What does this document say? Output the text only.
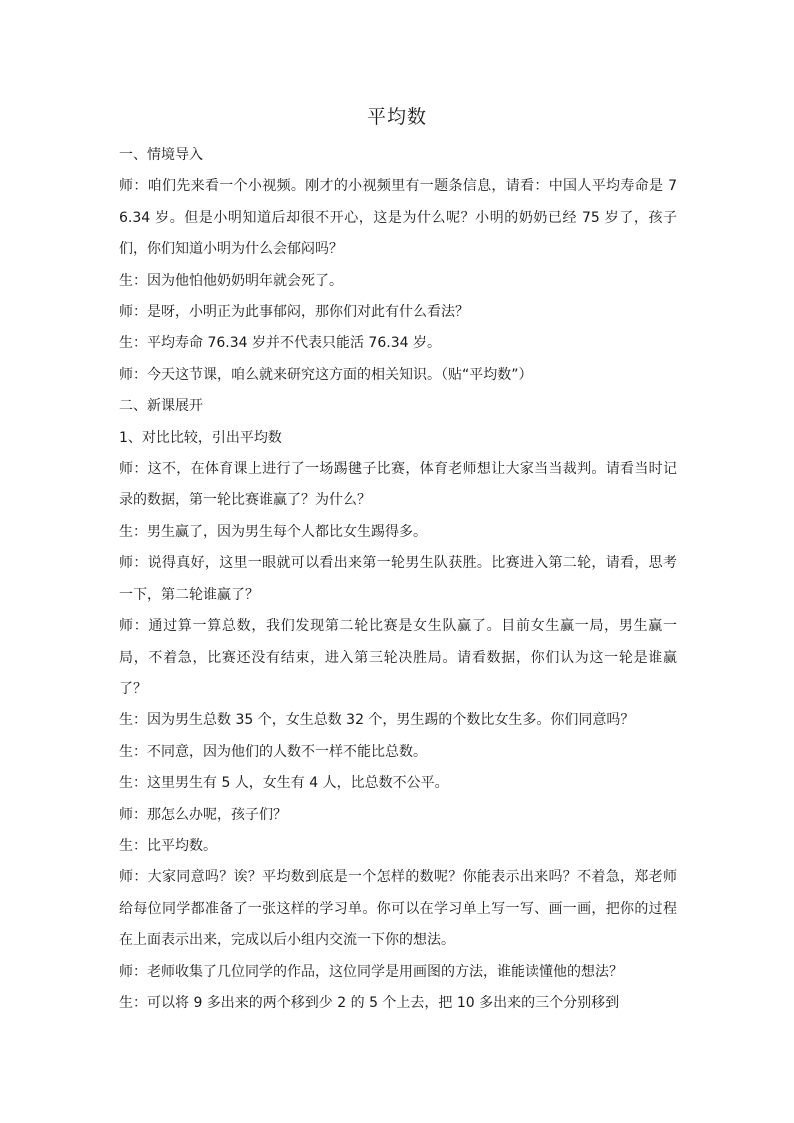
平均数

一、情境导入

师：咱们先来看一个小视频。刚才的小视频里有一题条信息，请看：中国人平均寿命是 76.34 岁。但是小明知道后却很不开心，这是为什么呢？小明的奶奶已经 75 岁了，孩子们，你们知道小明为什么会郁闷吗？

生：因为他怕他奶奶明年就会死了。

师：是呀，小明正为此事郁闷，那你们对此有什么看法？

生：平均寿命 76.34 岁并不代表只能活 76.34 岁。

师：今天这节课，咱么就来研究这方面的相关知识。（贴“平均数”）

二、新课展开

1、对比比较，引出平均数

师：这不，在体育课上进行了一场踢毽子比赛，体育老师想让大家当当裁判。请看当时记录的数据，第一轮比赛谁赢了？为什么？

生：男生赢了，因为男生每个人都比女生踢得多。

师：说得真好，这里一眼就可以看出来第一轮男生队获胜。比赛进入第二轮，请看，思考一下，第二轮谁赢了？

师：通过算一算总数，我们发现第二轮比赛是女生队赢了。目前女生赢一局，男生赢一局，不着急，比赛还没有结束，进入第三轮决胜局。请看数据，你们认为这一轮是谁赢了？

生：因为男生总数 35 个，女生总数 32 个，男生踢的个数比女生多。你们同意吗？

生：不同意，因为他们的人数不一样不能比总数。

生：这里男生有 5 人，女生有 4 人，比总数不公平。

师：那怎么办呢，孩子们？

生：比平均数。

师：大家同意吗？诶？平均数到底是一个怎样的数呢？你能表示出来吗？不着急，郑老师给每位同学都准备了一张这样的学习单。你可以在学习单上写一写、画一画，把你的过程在上面表示出来，完成以后小组内交流一下你的想法。

师：老师收集了几位同学的作品，这位同学是用画图的方法，谁能读懂他的想法？

生：可以将 9 多出来的两个移到少 2 的 5 个上去，把 10 多出来的三个分别移到
